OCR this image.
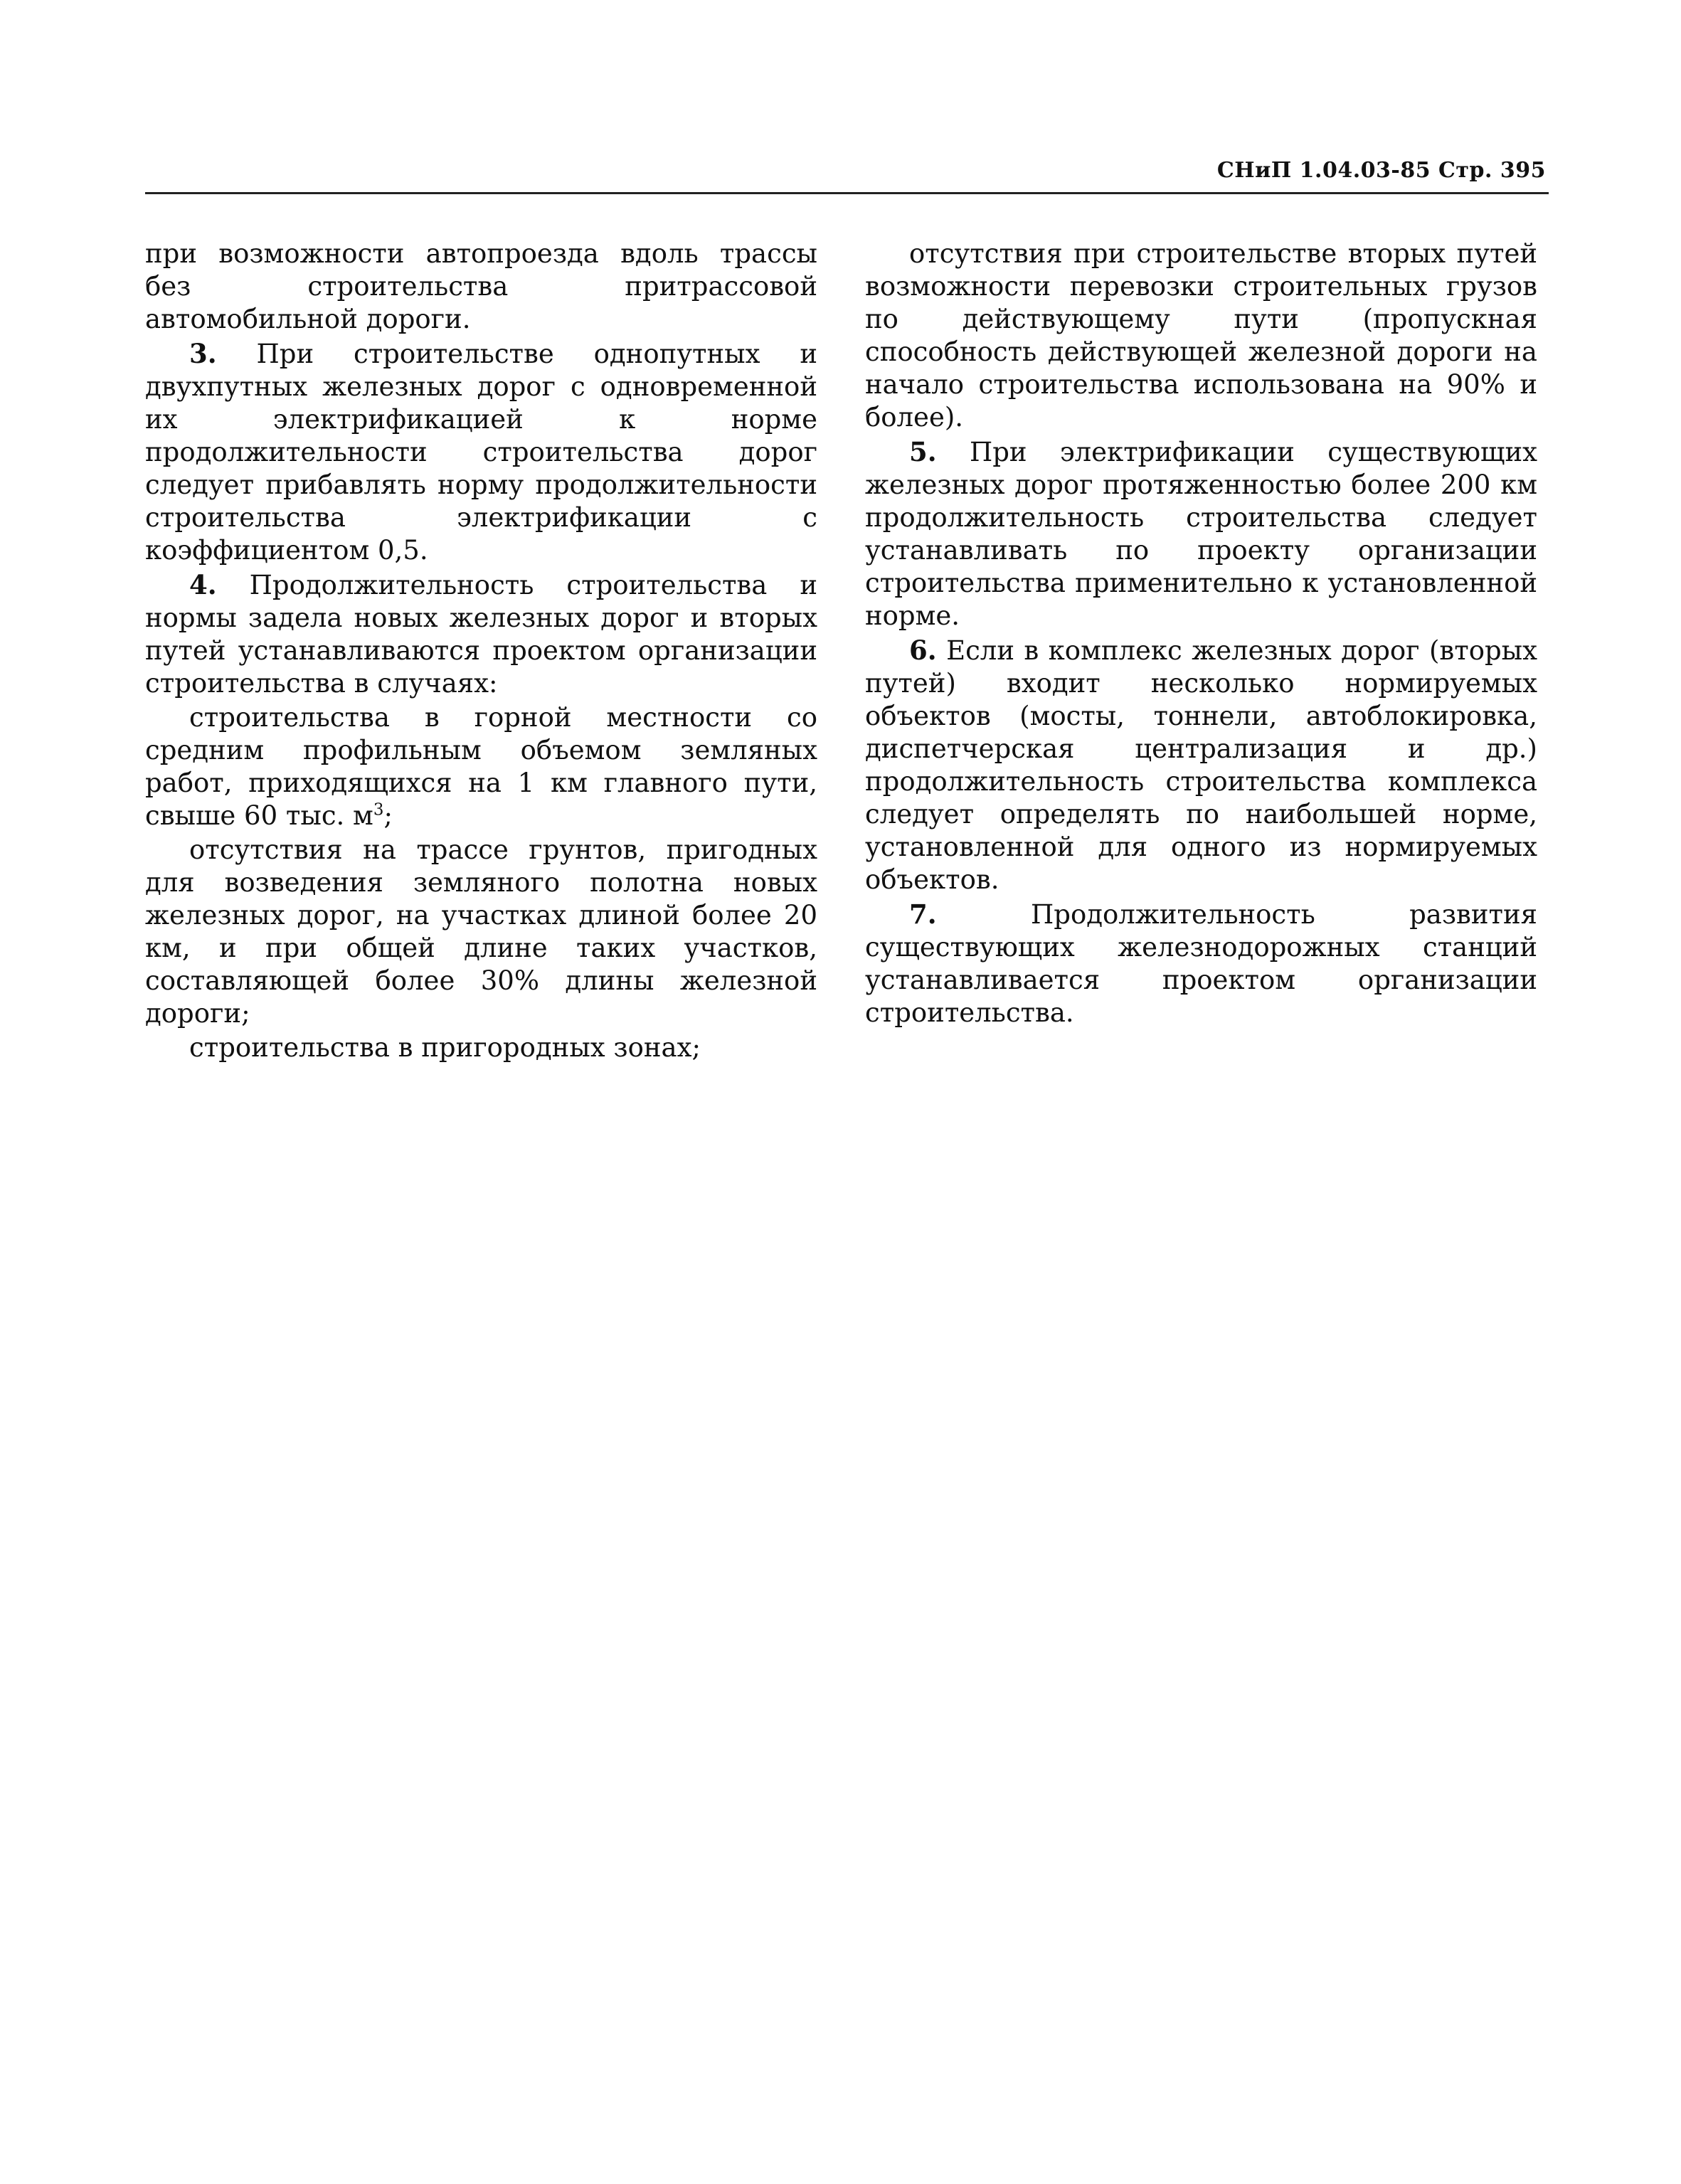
СНиП 1.04.03-85 Стр. 395

при возможности автопроезда вдоль трассы без строительства притрассовой автомобильной дороги.

3. При строительстве однопутных и двухпутных железных дорог с одновременной их электрификацией к норме продолжительности строительства дорог следует прибавлять норму продолжительности строительства электрификации с коэффициентом 0,5.

4. Продолжительность строительства и нормы задела новых железных дорог и вторых путей устанавливаются проектом организации строительства в случаях:

строительства в горной местности со средним профильным объемом земляных работ, приходящихся на 1 км главного пути, свыше 60 тыс. $м^3$;

отсутствия на трассе грунтов, пригодных для возведения земляного полотна новых железных дорог, на участках длиной более 20 км, и при общей длине таких участков, составляющей более 30% длины железной дороги;

строительства в пригородных зонах;

отсутствия при строительстве вторых путей возможности перевозки строительных грузов по действующему пути (пропускная способность действующей железной дороги на начало строительства использована на 90% и более).

5. При электрификации существующих железных дорог протяженностью более 200 км продолжительность строительства следует устанавливать по проекту организации строительства применительно к установленной норме.

6. Если в комплекс железных дорог (вторых путей) входит несколько нормируемых объектов (мосты, тоннели, автоблокировка, диспетчерская централизация и др.) продолжительность строительства комплекса следует определять по наибольшей норме, установленной для одного из нормируемых объектов.

7. Продолжительность развития существующих железнодорожных станций устанавливается проектом организации строительства.
